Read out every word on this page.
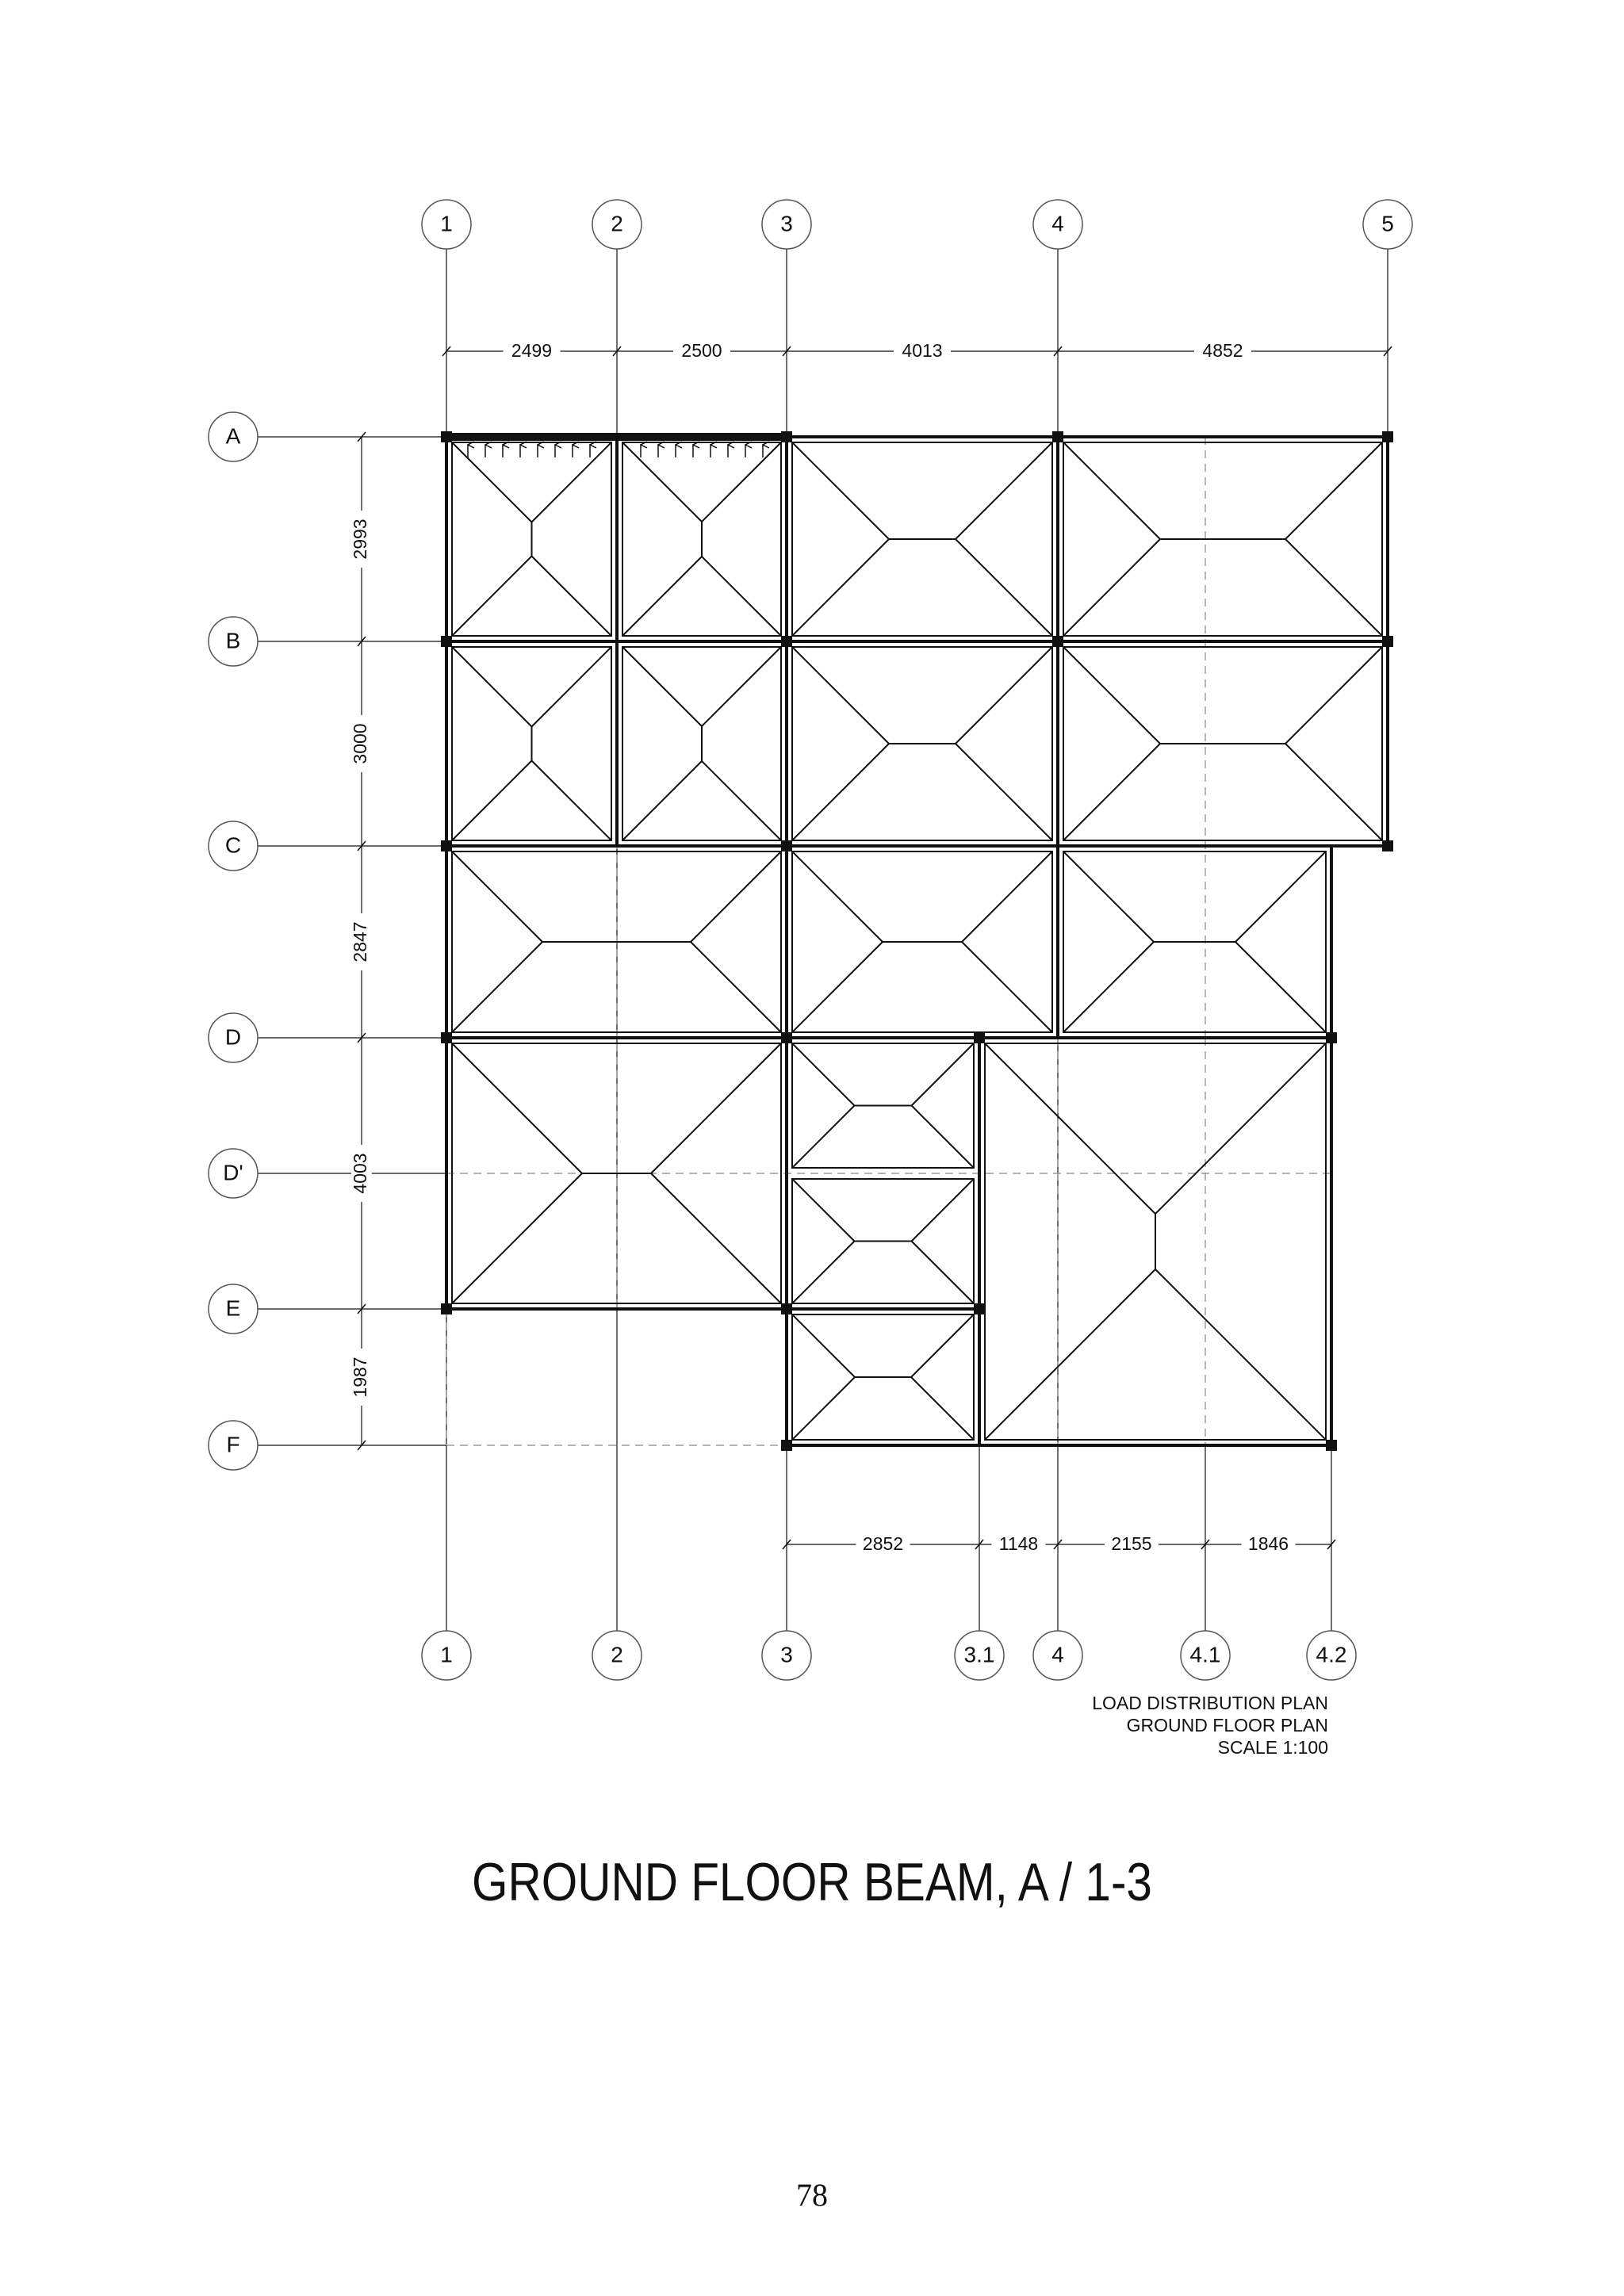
2499	2500	4013	4852
2852	1148	2155	1846
2993
3000
2847
4003
1987
1	2	3	4	5
1	2	3	3.1	4	4.1	4.2
A
B
C
D
D'
E
F
LOAD DISTRIBUTION PLAN
GROUND FLOOR PLAN
SCALE 1:100
GROUND FLOOR BEAM, A / 1-3
78
